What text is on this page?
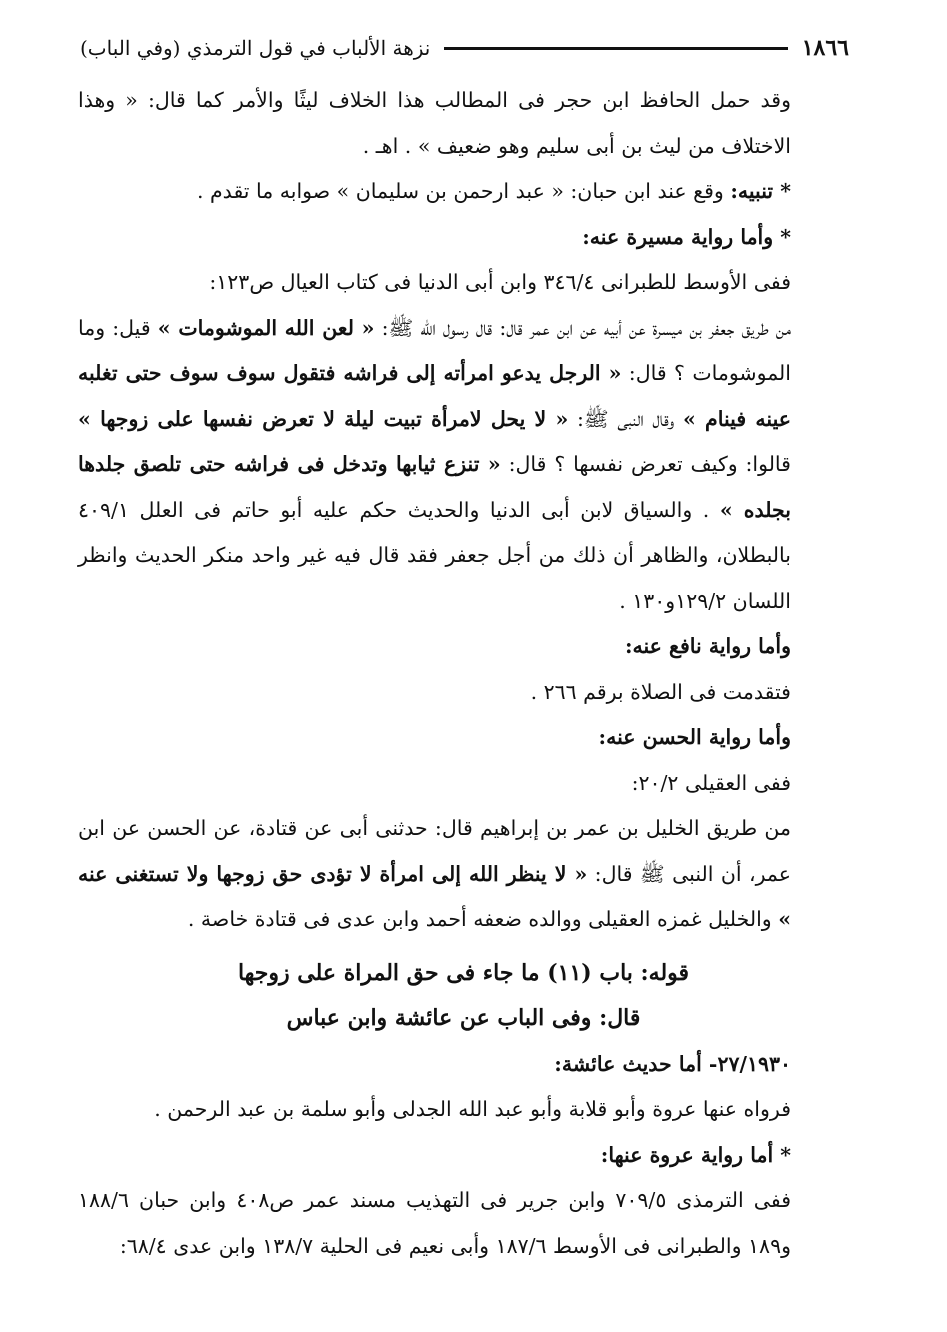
١٨٦٦
نزهة الألباب في قول الترمذي (وفي الباب)

وقد حمل الحافظ ابن حجر فى المطالب هذا الخلاف ليثًا والأمر كما قال: « وهذا الاختلاف من ليث بن أبى سليم وهو ضعيف » . اهـ .

* تنبيه: وقع عند ابن حبان: « عبد ارحمن بن سليمان » صوابه ما تقدم .

* وأما رواية مسيرة عنه:

ففى الأوسط للطبرانى ٣٤٦/٤ وابن أبى الدنيا فى كتاب العيال ص١٢٣:

من طريق جعفر بن ميسرة عن أبيه عن ابن عمر قال: قال رسول الله ﷺ: « لعن الله الموشومات » قيل: وما الموشومات ؟ قال: « الرجل يدعو امرأته إلى فراشه فتقول سوف سوف حتى تغلبه عينه فينام » وقال النبى ﷺ: « لا يحل لامرأة تبيت ليلة لا تعرض نفسها على زوجها » قالوا: وكيف تعرض نفسها ؟ قال: « تنزع ثيابها وتدخل فى فراشه حتى تلصق جلدها بجلده » . والسياق لابن أبى الدنيا والحديث حكم عليه أبو حاتم فى العلل ٤٠٩/١ بالبطلان، والظاهر أن ذلك من أجل جعفر فقد قال فيه غير واحد منكر الحديث وانظر اللسان ١٢٩/٢و١٣٠ .

وأما رواية نافع عنه:

فتقدمت فى الصلاة برقم ٢٦٦ .

وأما رواية الحسن عنه:

ففى العقيلى ٢٠/٢:

من طريق الخليل بن عمر بن إبراهيم قال: حدثنى أبى عن قتادة، عن الحسن عن ابن عمر، أن النبى ﷺ قال: « لا ينظر الله إلى امرأة لا تؤدى حق زوجها ولا تستغنى عنه » والخليل غمزه العقيلى ووالده ضعفه أحمد وابن عدى فى قتادة خاصة .

قوله: باب (١١) ما جاء فى حق المراة على زوجها

قال: وفى الباب عن عائشة وابن عباس

٢٧/١٩٣٠- أما حديث عائشة:

فرواه عنها عروة وأبو قلابة وأبو عبد الله الجدلى وأبو سلمة بن عبد الرحمن .

* أما رواية عروة عنها:

ففى الترمذى ٧٠٩/٥ وابن جرير فى التهذيب مسند عمر ص٤٠٨ وابن حبان ١٨٨/٦ و١٨٩ والطبرانى فى الأوسط ١٨٧/٦ وأبى نعيم فى الحلية ١٣٨/٧ وابن عدى ٦٨/٤:
